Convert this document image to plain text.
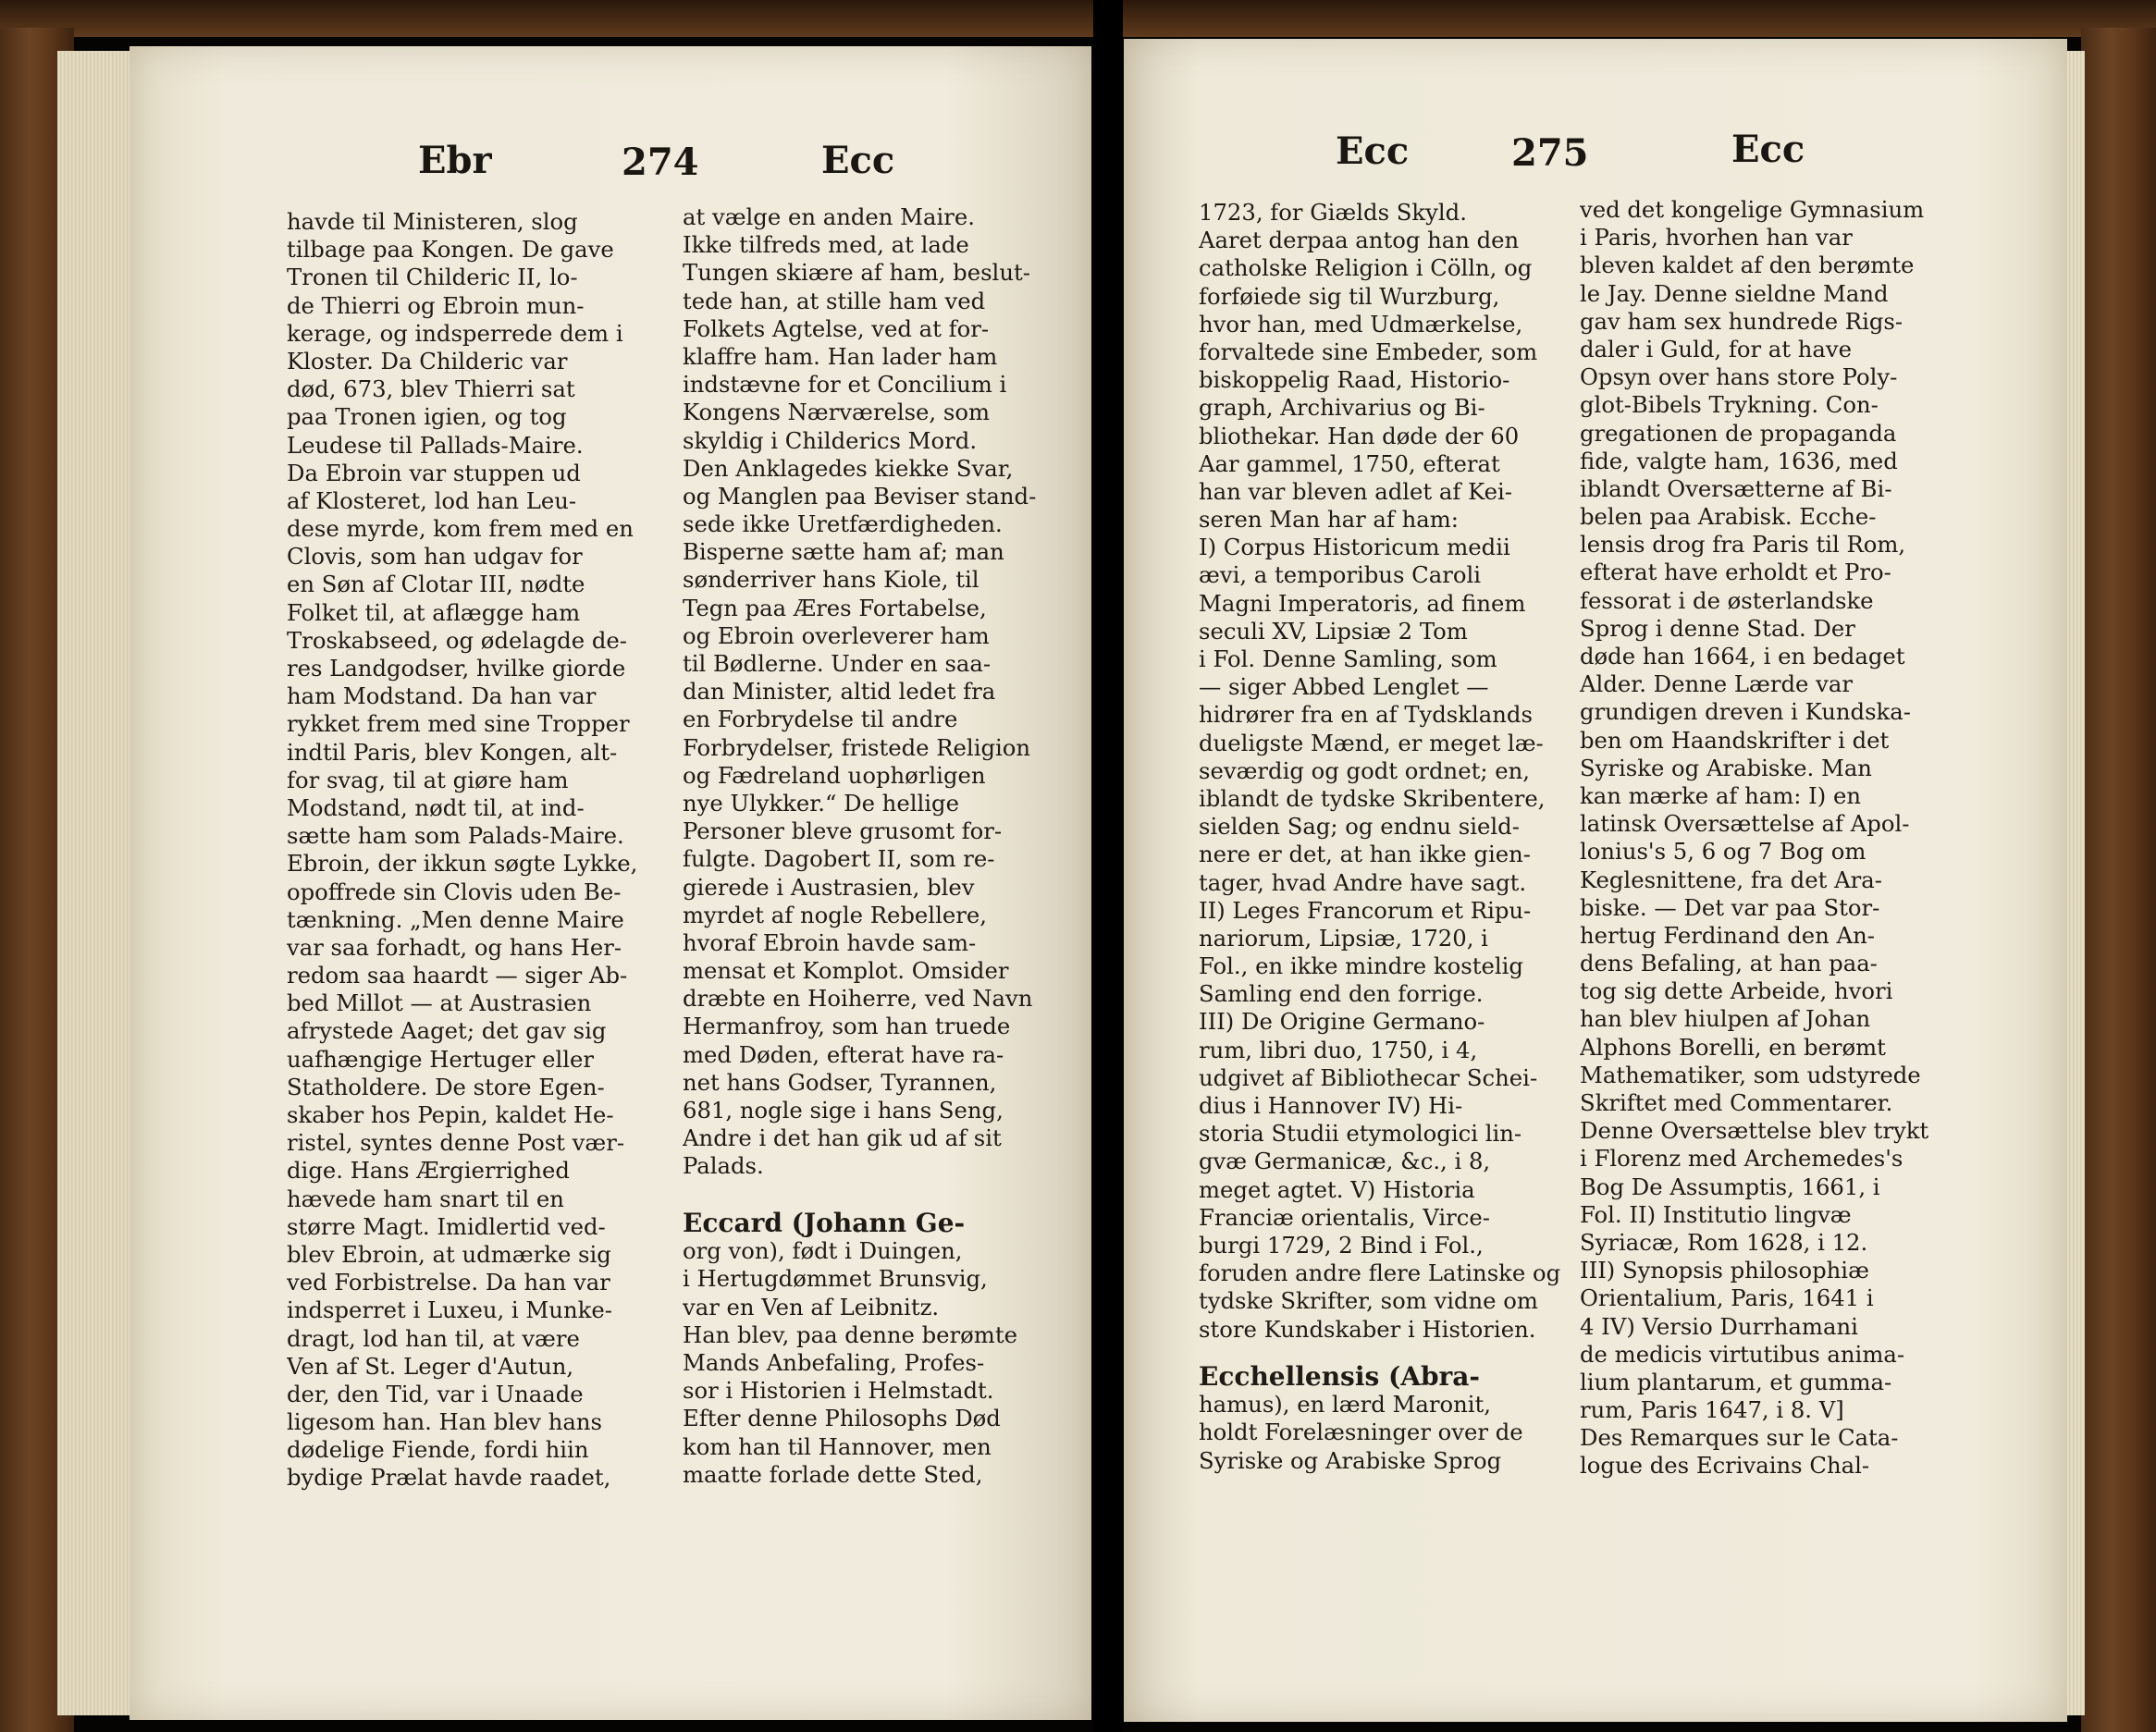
Ebr	274	Ecc	Ecc	275	Ecc
havde til Ministeren, slog
tilbage paa Kongen. De gave
Tronen til Childeric II, lo-
de Thierri og Ebroin mun-
kerage, og indsperrede dem i
Kloster. Da Childeric var
død, 673, blev Thierri sat
paa Tronen igien, og tog
Leudese til Pallads-Maire.
Da Ebroin var stuppen ud
af Klosteret, lod han Leu-
dese myrde, kom frem med en
Clovis, som han udgav for
en Søn af Clotar III, nødte
Folket til, at aflægge ham
Troskabseed, og ødelagde de-
res Landgodser, hvilke giorde
ham Modstand. Da han var
rykket frem med sine Tropper
indtil Paris, blev Kongen, alt-
for svag, til at giøre ham
Modstand, nødt til, at ind-
sætte ham som Palads-Maire.
Ebroin, der ikkun søgte Lykke,
opoffrede sin Clovis uden Be-
tænkning. „Men denne Maire
var saa forhadt, og hans Her-
redom saa haardt — siger Ab-
bed Millot — at Austrasien
afrystede Aaget; det gav sig
uafhængige Hertuger eller
Statholdere. De store Egen-
skaber hos Pepin, kaldet He-
ristel, syntes denne Post vær-
dige. Hans Ærgierrighed
hævede ham snart til en
større Magt. Imidlertid ved-
blev Ebroin, at udmærke sig
ved Forbistrelse. Da han var
indsperret i Luxeu, i Munke-
dragt, lod han til, at være
Ven af St. Leger d'Autun,
der, den Tid, var i Unaade
ligesom han. Han blev hans
dødelige Fiende, fordi hiin
bydige Prælat havde raadet,
at vælge en anden Maire.
Ikke tilfreds med, at lade
Tungen skiære af ham, beslut-
tede han, at stille ham ved
Folkets Agtelse, ved at for-
klaffre ham. Han lader ham
indstævne for et Concilium i
Kongens Nærværelse, som
skyldig i Childerics Mord.
Den Anklagedes kiekke Svar,
og Manglen paa Beviser stand-
sede ikke Uretfærdigheden.
Bisperne sætte ham af; man
sønderriver hans Kiole, til
Tegn paa Æres Fortabelse,
og Ebroin overleverer ham
til Bødlerne. Under en saa-
dan Minister, altid ledet fra
en Forbrydelse til andre
Forbrydelser, fristede Religion
og Fædreland uophørligen
nye Ulykker.“ De hellige
Personer bleve grusomt for-
fulgte. Dagobert II, som re-
gierede i Austrasien, blev
myrdet af nogle Rebellere,
hvoraf Ebroin havde sam-
mensat et Komplot. Omsider
dræbte en Hoiherre, ved Navn
Hermanfroy, som han truede
med Døden, efterat have ra-
net hans Godser, Tyrannen,
681, nogle sige i hans Seng,
Andre i det han gik ud af sit
Palads.
Eccard (Johann Ge-
org von), født i Duingen,
i Hertugdømmet Brunsvig,
var en Ven af Leibnitz.
Han blev, paa denne berømte
Mands Anbefaling, Profes-
sor i Historien i Helmstadt.
Efter denne Philosophs Død
kom han til Hannover, men
maatte forlade dette Sted,
1723, for Giælds Skyld.
Aaret derpaa antog han den
catholske Religion i Cölln, og
forføiede sig til Wurzburg,
hvor han, med Udmærkelse,
forvaltede sine Embeder, som
biskoppelig Raad, Historio-
graph, Archivarius og Bi-
bliothekar. Han døde der 60
Aar gammel, 1750, efterat
han var bleven adlet af Kei-
seren Man har af ham:
I) Corpus Historicum medii
ævi, a temporibus Caroli
Magni Imperatoris, ad finem
seculi XV, Lipsiæ 2 Tom
i Fol. Denne Samling, som
— siger Abbed Lenglet —
hidrører fra en af Tydsklands
dueligste Mænd, er meget læ-
seværdig og godt ordnet; en,
iblandt de tydske Skribentere,
sielden Sag; og endnu sield-
nere er det, at han ikke gien-
tager, hvad Andre have sagt.
II) Leges Francorum et Ripu-
nariorum, Lipsiæ, 1720, i
Fol., en ikke mindre kostelig
Samling end den forrige.
III) De Origine Germano-
rum, libri duo, 1750, i 4,
udgivet af Bibliothecar Schei-
dius i Hannover IV) Hi-
storia Studii etymologici lin-
gvæ Germanicæ, &c., i 8,
meget agtet. V) Historia
Franciæ orientalis, Virce-
burgi 1729, 2 Bind i Fol.,
foruden andre flere Latinske og
tydske Skrifter, som vidne om
store Kundskaber i Historien.
Ecchellensis (Abra-
hamus), en lærd Maronit,
holdt Forelæsninger over de
Syriske og Arabiske Sprog
ved det kongelige Gymnasium
i Paris, hvorhen han var
bleven kaldet af den berømte
le Jay. Denne sieldne Mand
gav ham sex hundrede Rigs-
daler i Guld, for at have
Opsyn over hans store Poly-
glot-Bibels Trykning. Con-
gregationen de propaganda
fide, valgte ham, 1636, med
iblandt Oversætterne af Bi-
belen paa Arabisk. Ecche-
lensis drog fra Paris til Rom,
efterat have erholdt et Pro-
fessorat i de østerlandske
Sprog i denne Stad. Der
døde han 1664, i en bedaget
Alder. Denne Lærde var
grundigen dreven i Kundska-
ben om Haandskrifter i det
Syriske og Arabiske. Man
kan mærke af ham: I) en
latinsk Oversættelse af Apol-
lonius's 5, 6 og 7 Bog om
Keglesnittene, fra det Ara-
biske. — Det var paa Stor-
hertug Ferdinand den An-
dens Befaling, at han paa-
tog sig dette Arbeide, hvori
han blev hiulpen af Johan
Alphons Borelli, en berømt
Mathematiker, som udstyrede
Skriftet med Commentarer.
Denne Oversættelse blev trykt
i Florenz med Archemedes's
Bog De Assumptis, 1661, i
Fol. II) Institutio lingvæ
Syriacæ, Rom 1628, i 12.
III) Synopsis philosophiæ
Orientalium, Paris, 1641 i
4 IV) Versio Durrhamani
de medicis virtutibus anima-
lium plantarum, et gumma-
rum, Paris 1647, i 8. V]
Des Remarques sur le Cata-
logue des Ecrivains Chal-
